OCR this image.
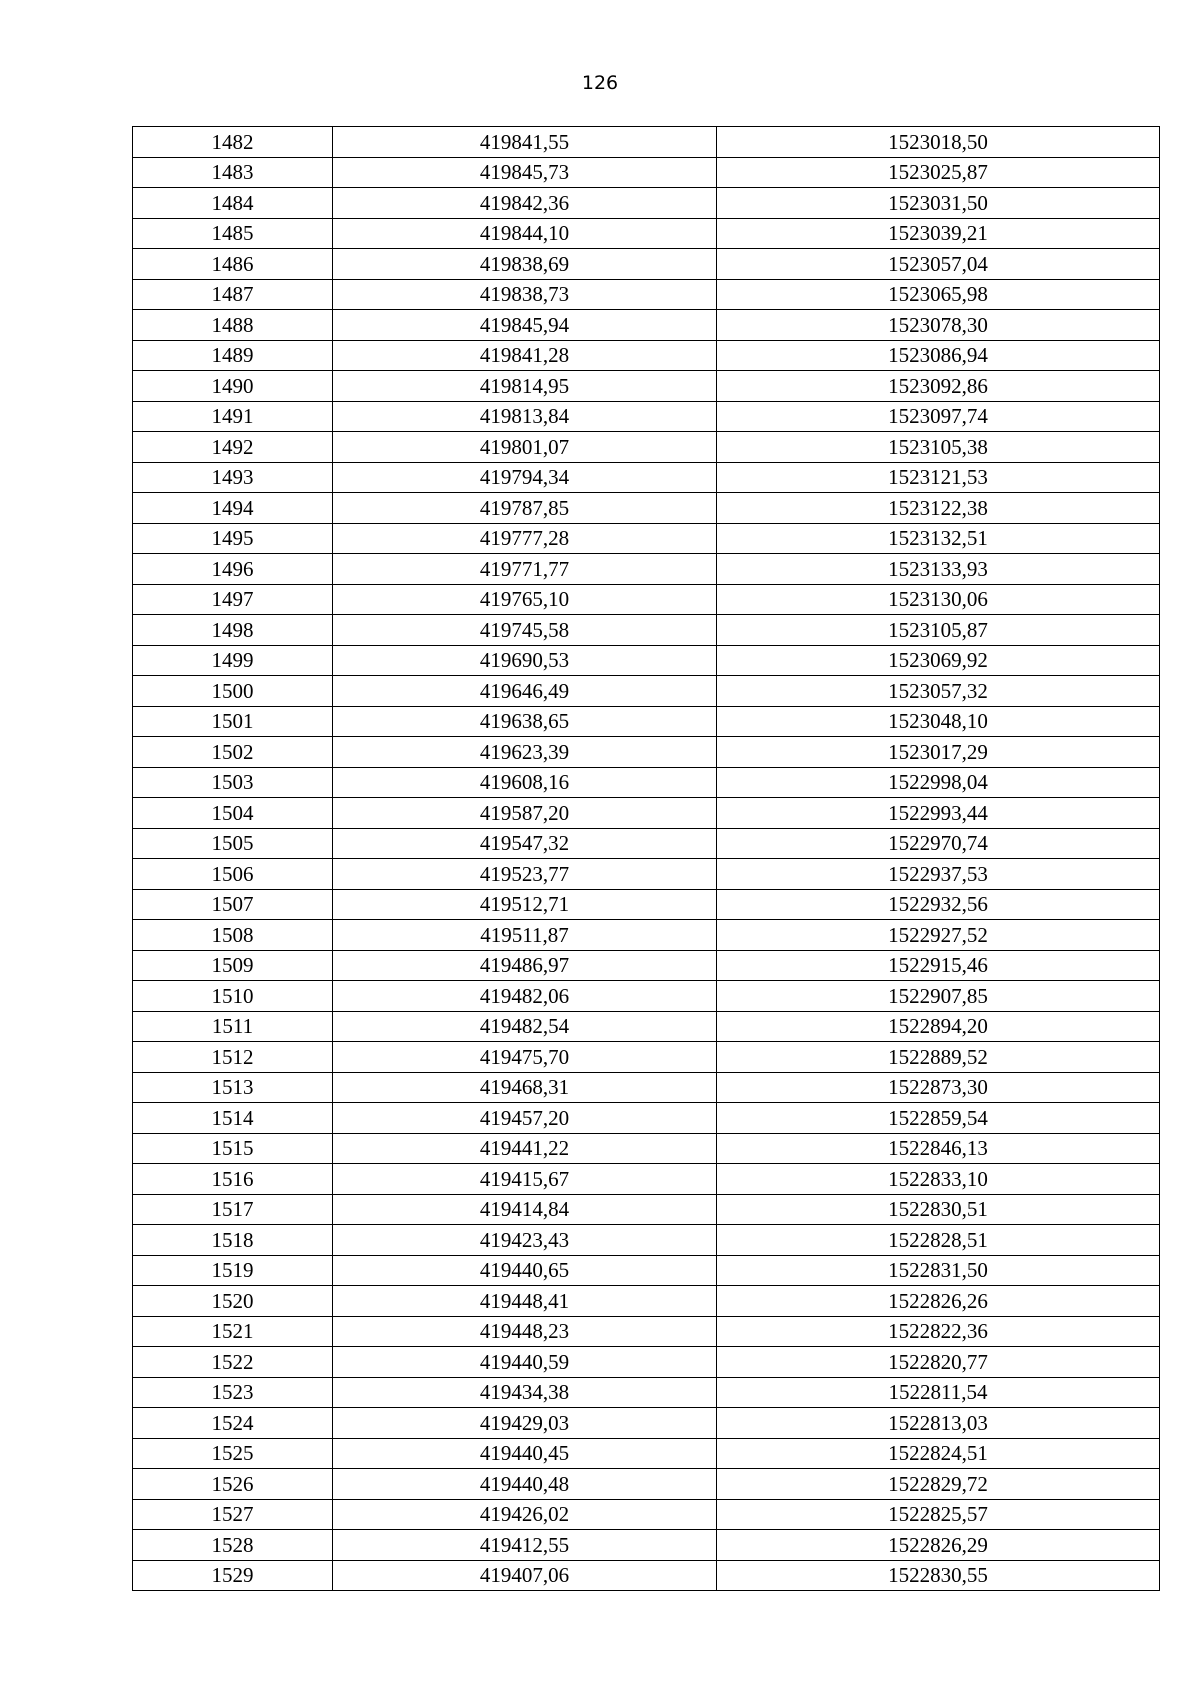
126
1482	419841,55	1523018,50
1483	419845,73	1523025,87
1484	419842,36	1523031,50
1485	419844,10	1523039,21
1486	419838,69	1523057,04
1487	419838,73	1523065,98
1488	419845,94	1523078,30
1489	419841,28	1523086,94
1490	419814,95	1523092,86
1491	419813,84	1523097,74
1492	419801,07	1523105,38
1493	419794,34	1523121,53
1494	419787,85	1523122,38
1495	419777,28	1523132,51
1496	419771,77	1523133,93
1497	419765,10	1523130,06
1498	419745,58	1523105,87
1499	419690,53	1523069,92
1500	419646,49	1523057,32
1501	419638,65	1523048,10
1502	419623,39	1523017,29
1503	419608,16	1522998,04
1504	419587,20	1522993,44
1505	419547,32	1522970,74
1506	419523,77	1522937,53
1507	419512,71	1522932,56
1508	419511,87	1522927,52
1509	419486,97	1522915,46
1510	419482,06	1522907,85
1511	419482,54	1522894,20
1512	419475,70	1522889,52
1513	419468,31	1522873,30
1514	419457,20	1522859,54
1515	419441,22	1522846,13
1516	419415,67	1522833,10
1517	419414,84	1522830,51
1518	419423,43	1522828,51
1519	419440,65	1522831,50
1520	419448,41	1522826,26
1521	419448,23	1522822,36
1522	419440,59	1522820,77
1523	419434,38	1522811,54
1524	419429,03	1522813,03
1525	419440,45	1522824,51
1526	419440,48	1522829,72
1527	419426,02	1522825,57
1528	419412,55	1522826,29
1529	419407,06	1522830,55
